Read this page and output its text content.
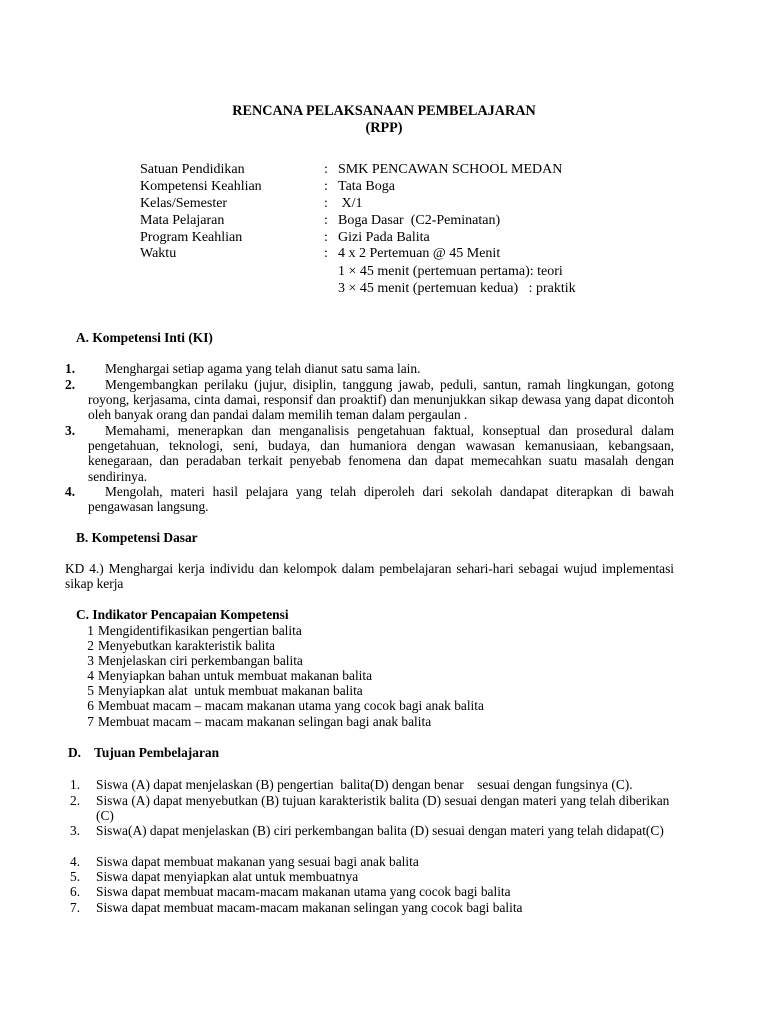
RENCANA PELAKSANAAN PEMBELAJARAN
(RPP)
Satuan Pendidikan	: SMK PENCAWAN SCHOOL MEDAN
Kompetensi Keahlian	: Tata Boga
Kelas/Semester	: X/1
Mata Pelajaran	: Boga Dasar  (C2-Peminatan)
Program Keahlian	: Gizi Pada Balita
Waktu	: 4 x 2 Pertemuan @ 45 Menit
1 × 45 menit (pertemuan pertama): teori
3 × 45 menit (pertemuan kedua)   : praktik
A. Kompetensi Inti (KI)
1.	Menghargai setiap agama yang telah dianut satu sama lain.
2.	Mengembangkan perilaku (jujur, disiplin, tanggung jawab, peduli, santun, ramah lingkungan, gotong royong, kerjasama, cinta damai, responsif dan proaktif) dan menunjukkan sikap dewasa yang dapat dicontoh oleh banyak orang dan pandai dalam memilih teman dalam pergaulan .
3.	Memahami, menerapkan dan menganalisis pengetahuan faktual, konseptual dan prosedural dalam pengetahuan, teknologi, seni, budaya, dan humaniora dengan wawasan kemanusiaan, kebangsaan, kenegaraan, dan peradaban terkait penyebab fenomena dan dapat memecahkan suatu masalah dengan sendirinya.
4.	Mengolah, materi hasil pelajara yang telah diperoleh dari sekolah dandapat diterapkan di bawah pengawasan langsung.
B. Kompetensi Dasar
KD 4.) Menghargai kerja individu dan kelompok dalam pembelajaran sehari-hari sebagai wujud implementasi sikap kerja
C. Indikator Pencapaian Kompetensi
1 Mengidentifikasikan pengertian balita
2 Menyebutkan karakteristik balita
3 Menjelaskan ciri perkembangan balita
4 Menyiapkan bahan untuk membuat makanan balita
5 Menyiapkan alat  untuk membuat makanan balita
6 Membuat macam – macam makanan utama yang cocok bagi anak balita
7 Membuat macam – macam makanan selingan bagi anak balita
D.    Tujuan Pembelajaran
1. Siswa (A) dapat menjelaskan (B) pengertian  balita(D) dengan benar    sesuai dengan fungsinya (C).
2. Siswa (A) dapat menyebutkan (B) tujuan karakteristik balita (D) sesuai dengan materi yang telah diberikan (C)
3. Siswa(A) dapat menjelaskan (B) ciri perkembangan balita (D) sesuai dengan materi yang telah didapat(C)
4. Siswa dapat membuat makanan yang sesuai bagi anak balita
5. Siswa dapat menyiapkan alat untuk membuatnya
6. Siswa dapat membuat macam-macam makanan utama yang cocok bagi balita
7. Siswa dapat membuat macam-macam makanan selingan yang cocok bagi balita
